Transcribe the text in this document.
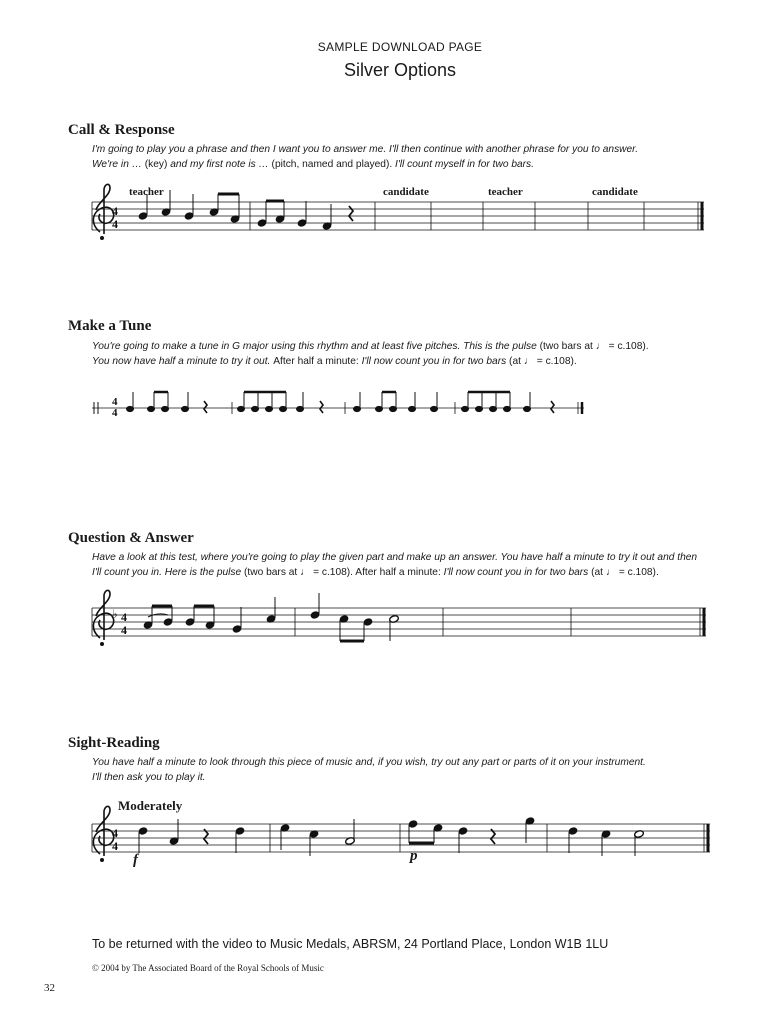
SAMPLE DOWNLOAD PAGE
Silver Options
Call & Response
I'm going to play you a phrase and then I want you to answer me. I'll then continue with another phrase for you to answer.
We're in … (key) and my first note is … (pitch, named and played). I'll count myself in for two bars.
teacher	candidate	teacher	candidate
Make a Tune
You're going to make a tune in G major using this rhythm and at least five pitches. This is the pulse (two bars at ♩ = c.108).
You now have half a minute to try it out. After half a minute: I'll now count you in for two bars (at ♩ = c.108).
Question & Answer
Have a look at this test, where you're going to play the given part and make up an answer. You have half a minute to try it out and then
I'll count you in. Here is the pulse (two bars at ♩ = c.108). After half a minute: I'll now count you in for two bars (at ♩ = c.108).
Sight-Reading
You have half a minute to look through this piece of music and, if you wish, try out any part or parts of it on your instrument.
I'll then ask you to play it.
Moderately
f	p
4
4
4
4
♭ 4
4
4
4
To be returned with the video to Music Medals, ABRSM, 24 Portland Place, London W1B 1LU
© 2004 by The Associated Board of the Royal Schools of Music
32
